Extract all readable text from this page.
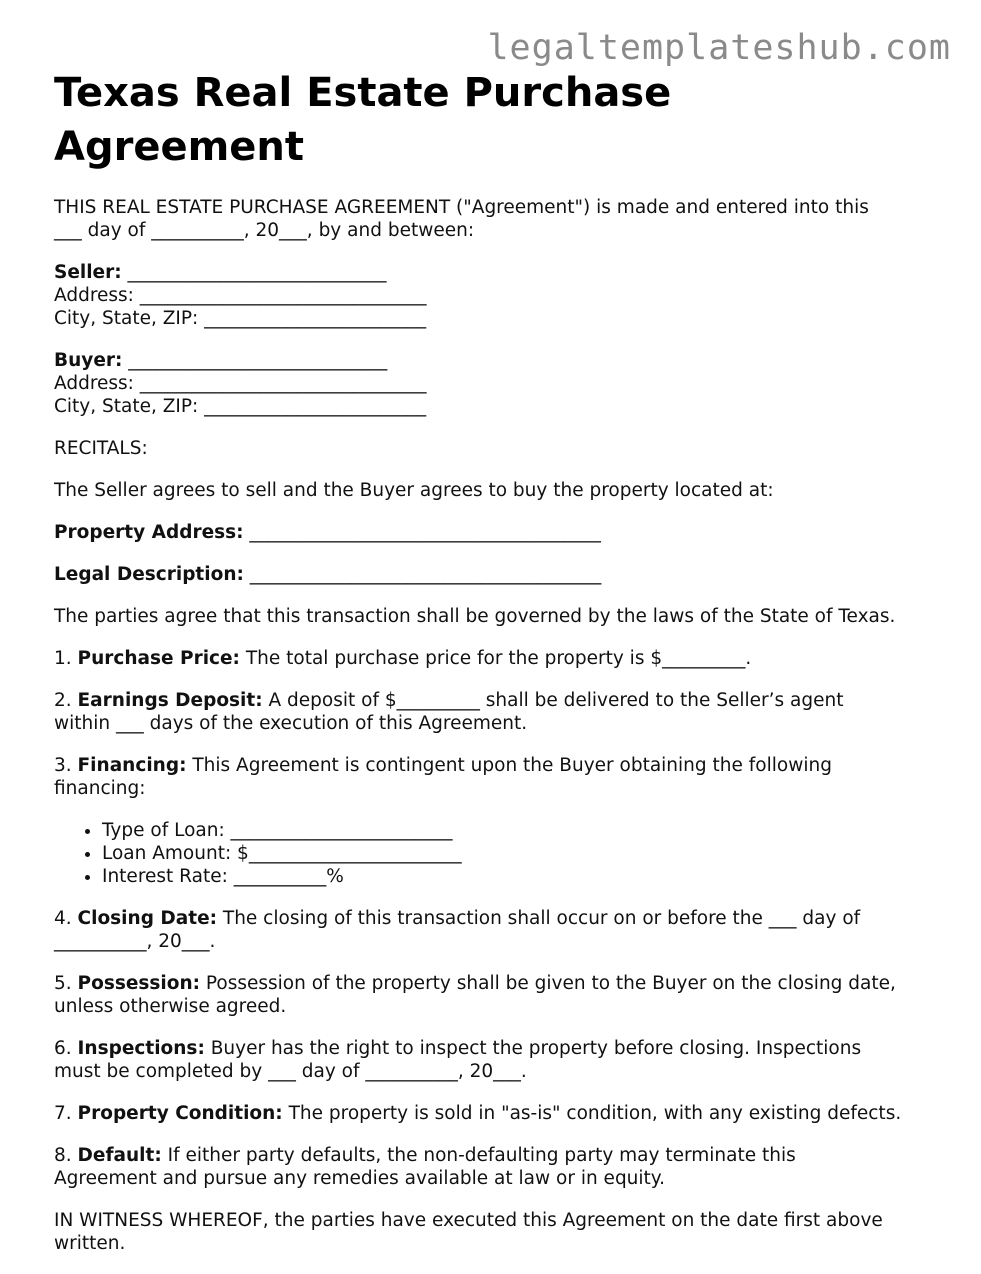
legaltemplateshub.com
Texas Real Estate Purchase Agreement

THIS REAL ESTATE PURCHASE AGREEMENT ("Agreement") is made and entered into this
___ day of __________, 20___, by and between:

Seller: ____________________________
Address: _______________________________
City, State, ZIP: ________________________
Buyer: ____________________________
Address: _______________________________
City, State, ZIP: ________________________

RECITALS:

The Seller agrees to sell and the Buyer agrees to buy the property located at:

Property Address: ______________________________________

Legal Description: ______________________________________

The parties agree that this transaction shall be governed by the laws of the State of Texas.

1. Purchase Price: The total purchase price for the property is $_________.

2. Earnings Deposit: A deposit of $_________ shall be delivered to the Seller’s agent
within ___ days of the execution of this Agreement.

3. Financing: This Agreement is contingent upon the Buyer obtaining the following
financing:

• Type of Loan: ________________________
• Loan Amount: $_______________________
• Interest Rate: __________%

4. Closing Date: The closing of this transaction shall occur on or before the ___ day of
__________, 20___.

5. Possession: Possession of the property shall be given to the Buyer on the closing date,
unless otherwise agreed.

6. Inspections: Buyer has the right to inspect the property before closing. Inspections
must be completed by ___ day of __________, 20___.

7. Property Condition: The property is sold in "as-is" condition, with any existing defects.

8. Default: If either party defaults, the non-defaulting party may terminate this
Agreement and pursue any remedies available at law or in equity.

IN WITNESS WHEREOF, the parties have executed this Agreement on the date first above
written.
